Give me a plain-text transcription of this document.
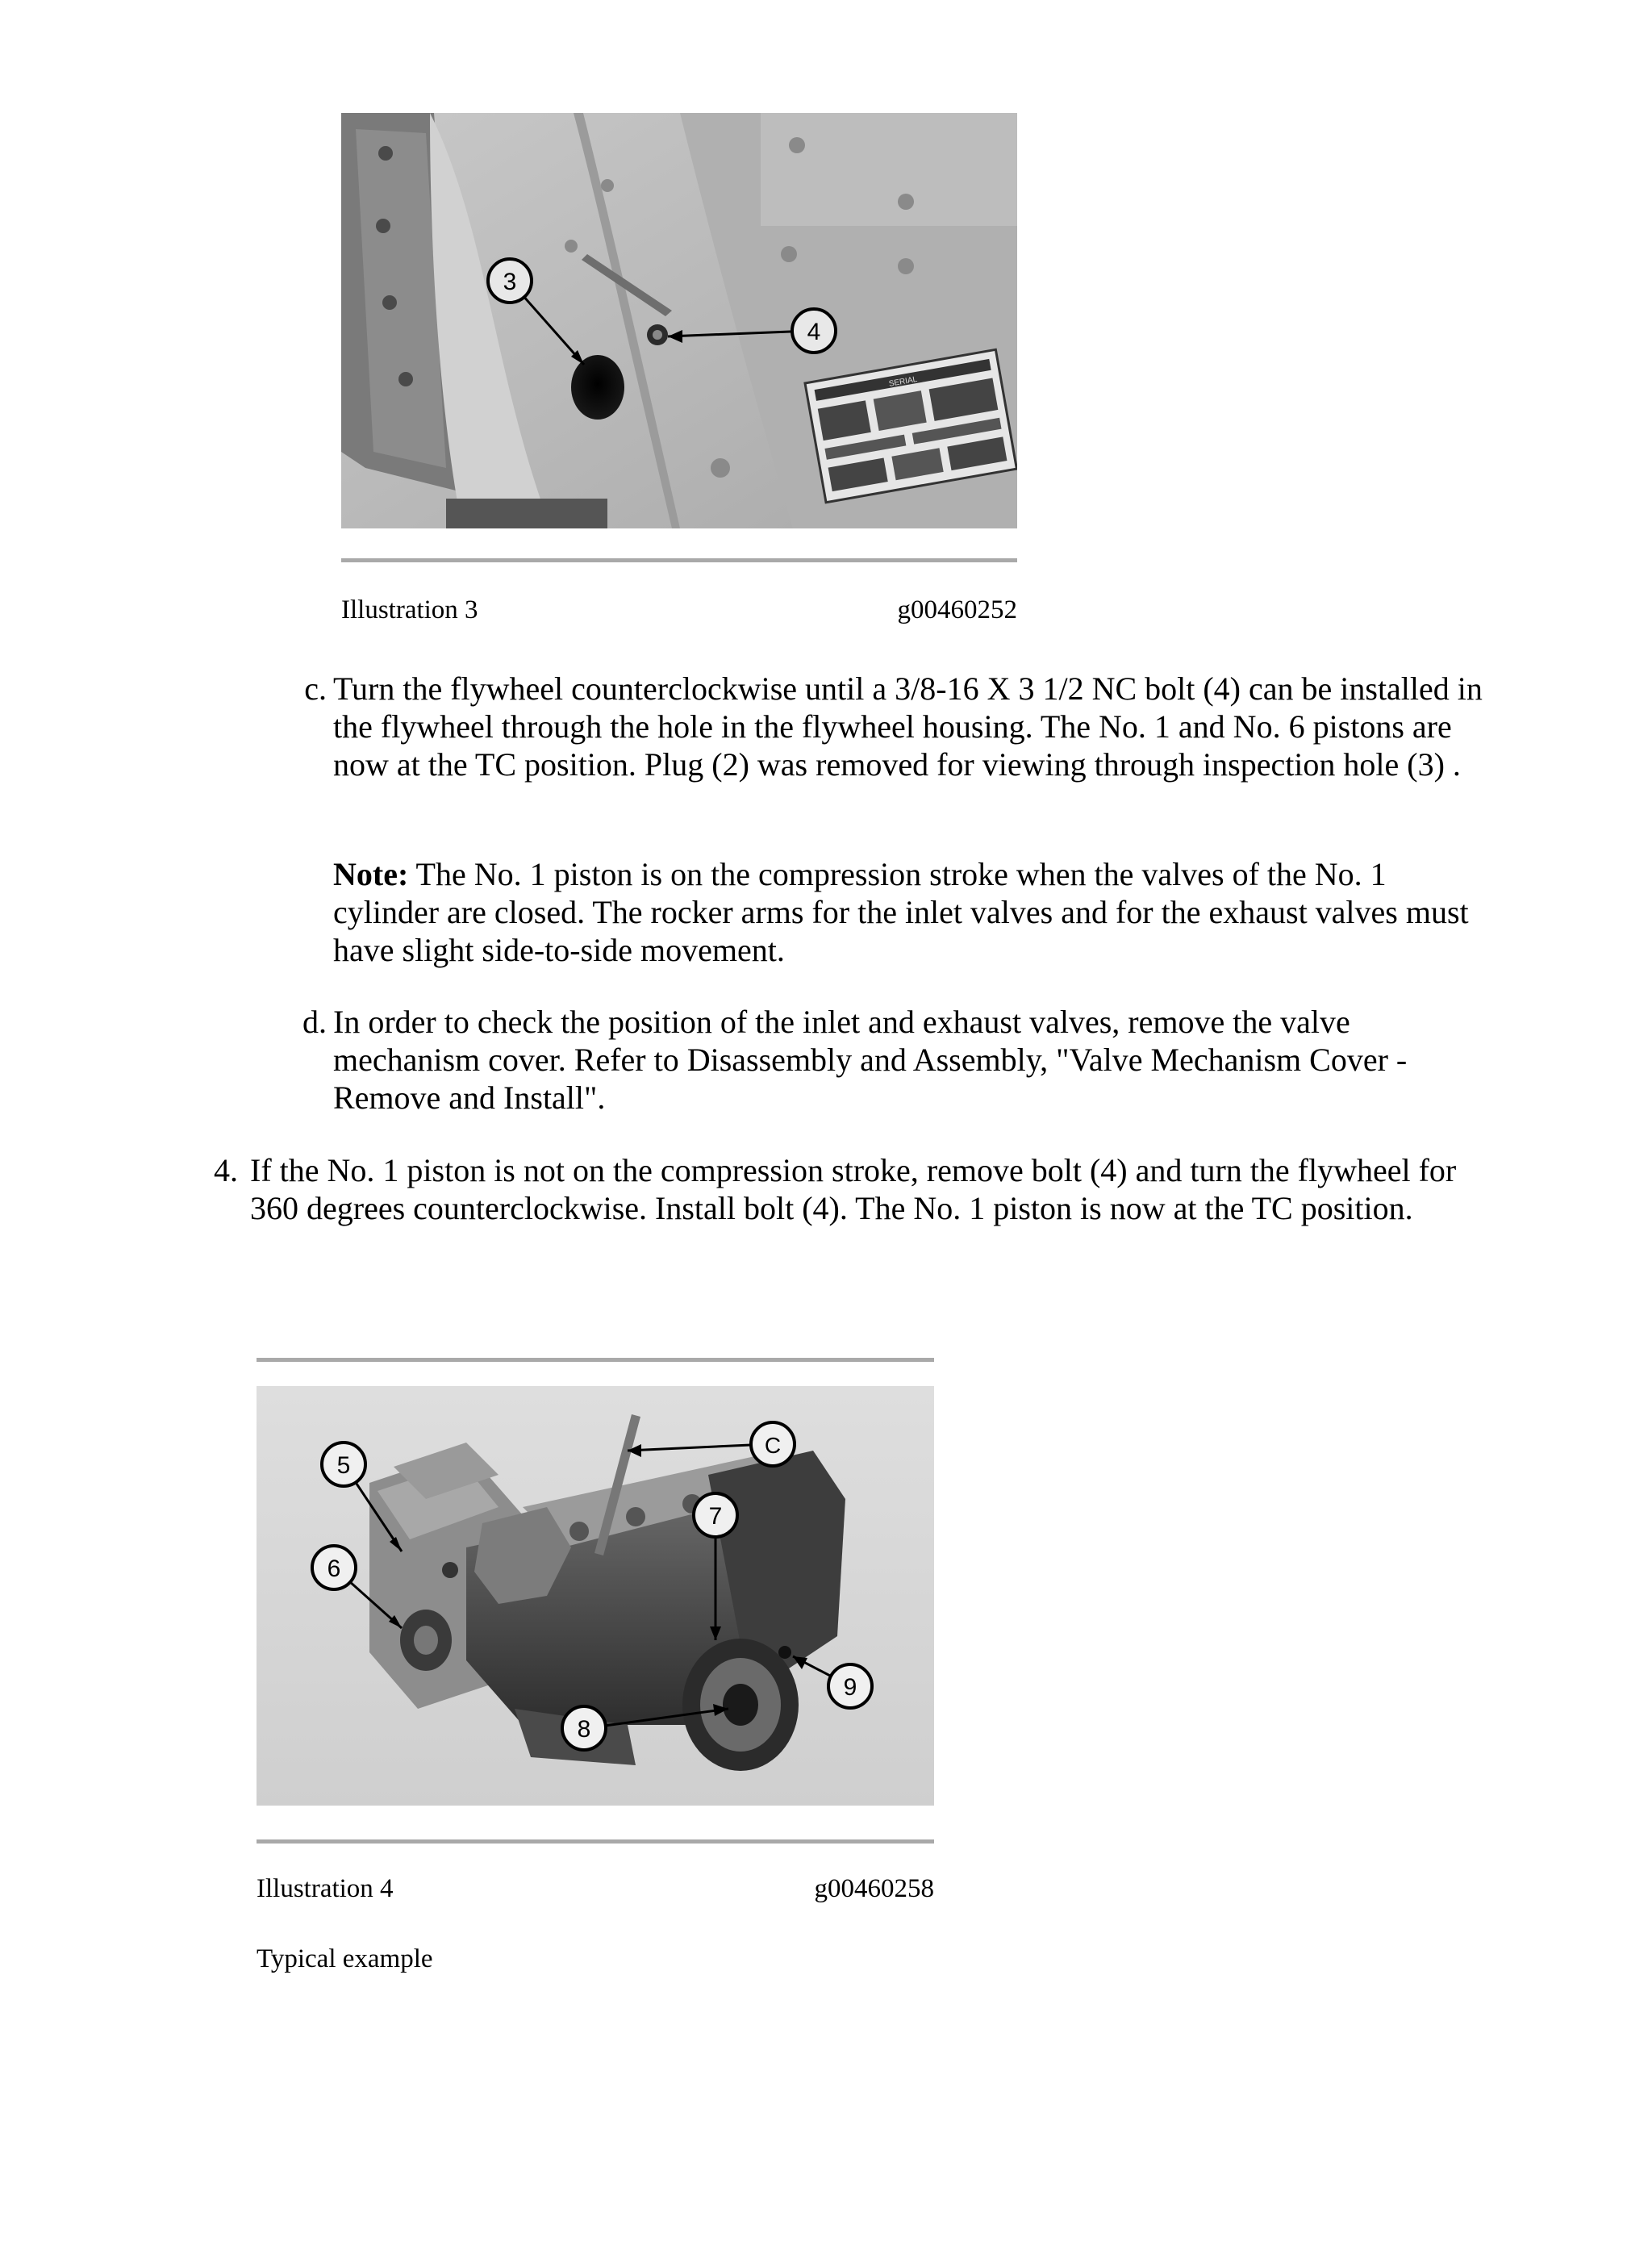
SERIAL
3
4
Illustration 3	g00460252
c. Turn the flywheel counterclockwise until a 3/8-16 X 3 1/2 NC bolt (4) can be installed in the flywheel through the hole in the flywheel housing. The No. 1 and No. 6 pistons are now at the TC position. Plug (2) was removed for viewing through inspection hole (3) .
Note: The No. 1 piston is on the compression stroke when the valves of the No. 1 cylinder are closed. The rocker arms for the inlet valves and for the exhaust valves must have slight side-to-side movement.
d. In order to check the position of the inlet and exhaust valves, remove the valve mechanism cover. Refer to Disassembly and Assembly, "Valve Mechanism Cover - Remove and Install".
4. If the No. 1 piston is not on the compression stroke, remove bolt (4) and turn the flywheel for 360 degrees counterclockwise. Install bolt (4). The No. 1 piston is now at the TC position.
5
6
7
C
8
9
Illustration 4	g00460258
Typical example
